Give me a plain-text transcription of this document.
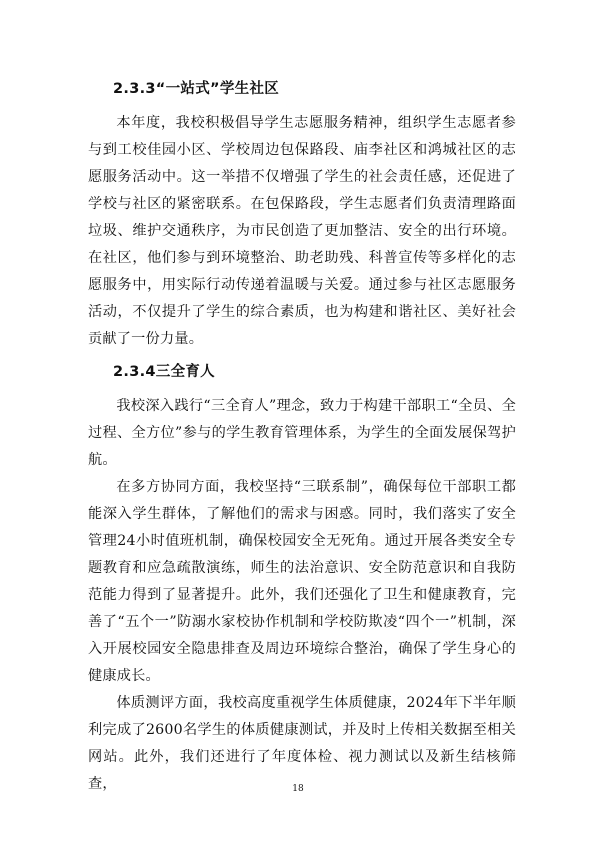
2.3.3“一站式”学生社区

本年度，我校积极倡导学生志愿服务精神，组织学生志愿者参与到工校佳园小区、学校周边包保路段、庙李社区和鸿城社区的志愿服务活动中。这一举措不仅增强了学生的社会责任感，还促进了学校与社区的紧密联系。在包保路段，学生志愿者们负责清理路面垃圾、维护交通秩序，为市民创造了更加整洁、安全的出行环境。在社区，他们参与到环境整治、助老助残、科普宣传等多样化的志愿服务中，用实际行动传递着温暖与关爱。通过参与社区志愿服务活动，不仅提升了学生的综合素质，也为构建和谐社区、美好社会贡献了一份力量。

2.3.4三全育人

我校深入践行“三全育人”理念，致力于构建干部职工“全员、全过程、全方位”参与的学生教育管理体系，为学生的全面发展保驾护航。

在多方协同方面，我校坚持“三联系制”，确保每位干部职工都能深入学生群体，了解他们的需求与困惑。同时，我们落实了安全管理24小时值班机制，确保校园安全无死角。通过开展各类安全专题教育和应急疏散演练，师生的法治意识、安全防范意识和自我防范能力得到了显著提升。此外，我们还强化了卫生和健康教育，完善了“五个一”防溺水家校协作机制和学校防欺凌“四个一”机制，深入开展校园安全隐患排查及周边环境综合整治，确保了学生身心的健康成长。

体质测评方面，我校高度重视学生体质健康，2024年下半年顺利完成了2600名学生的体质健康测试，并及时上传相关数据至相关网站。此外，我们还进行了年度体检、视力测试以及新生结核筛查，	18
